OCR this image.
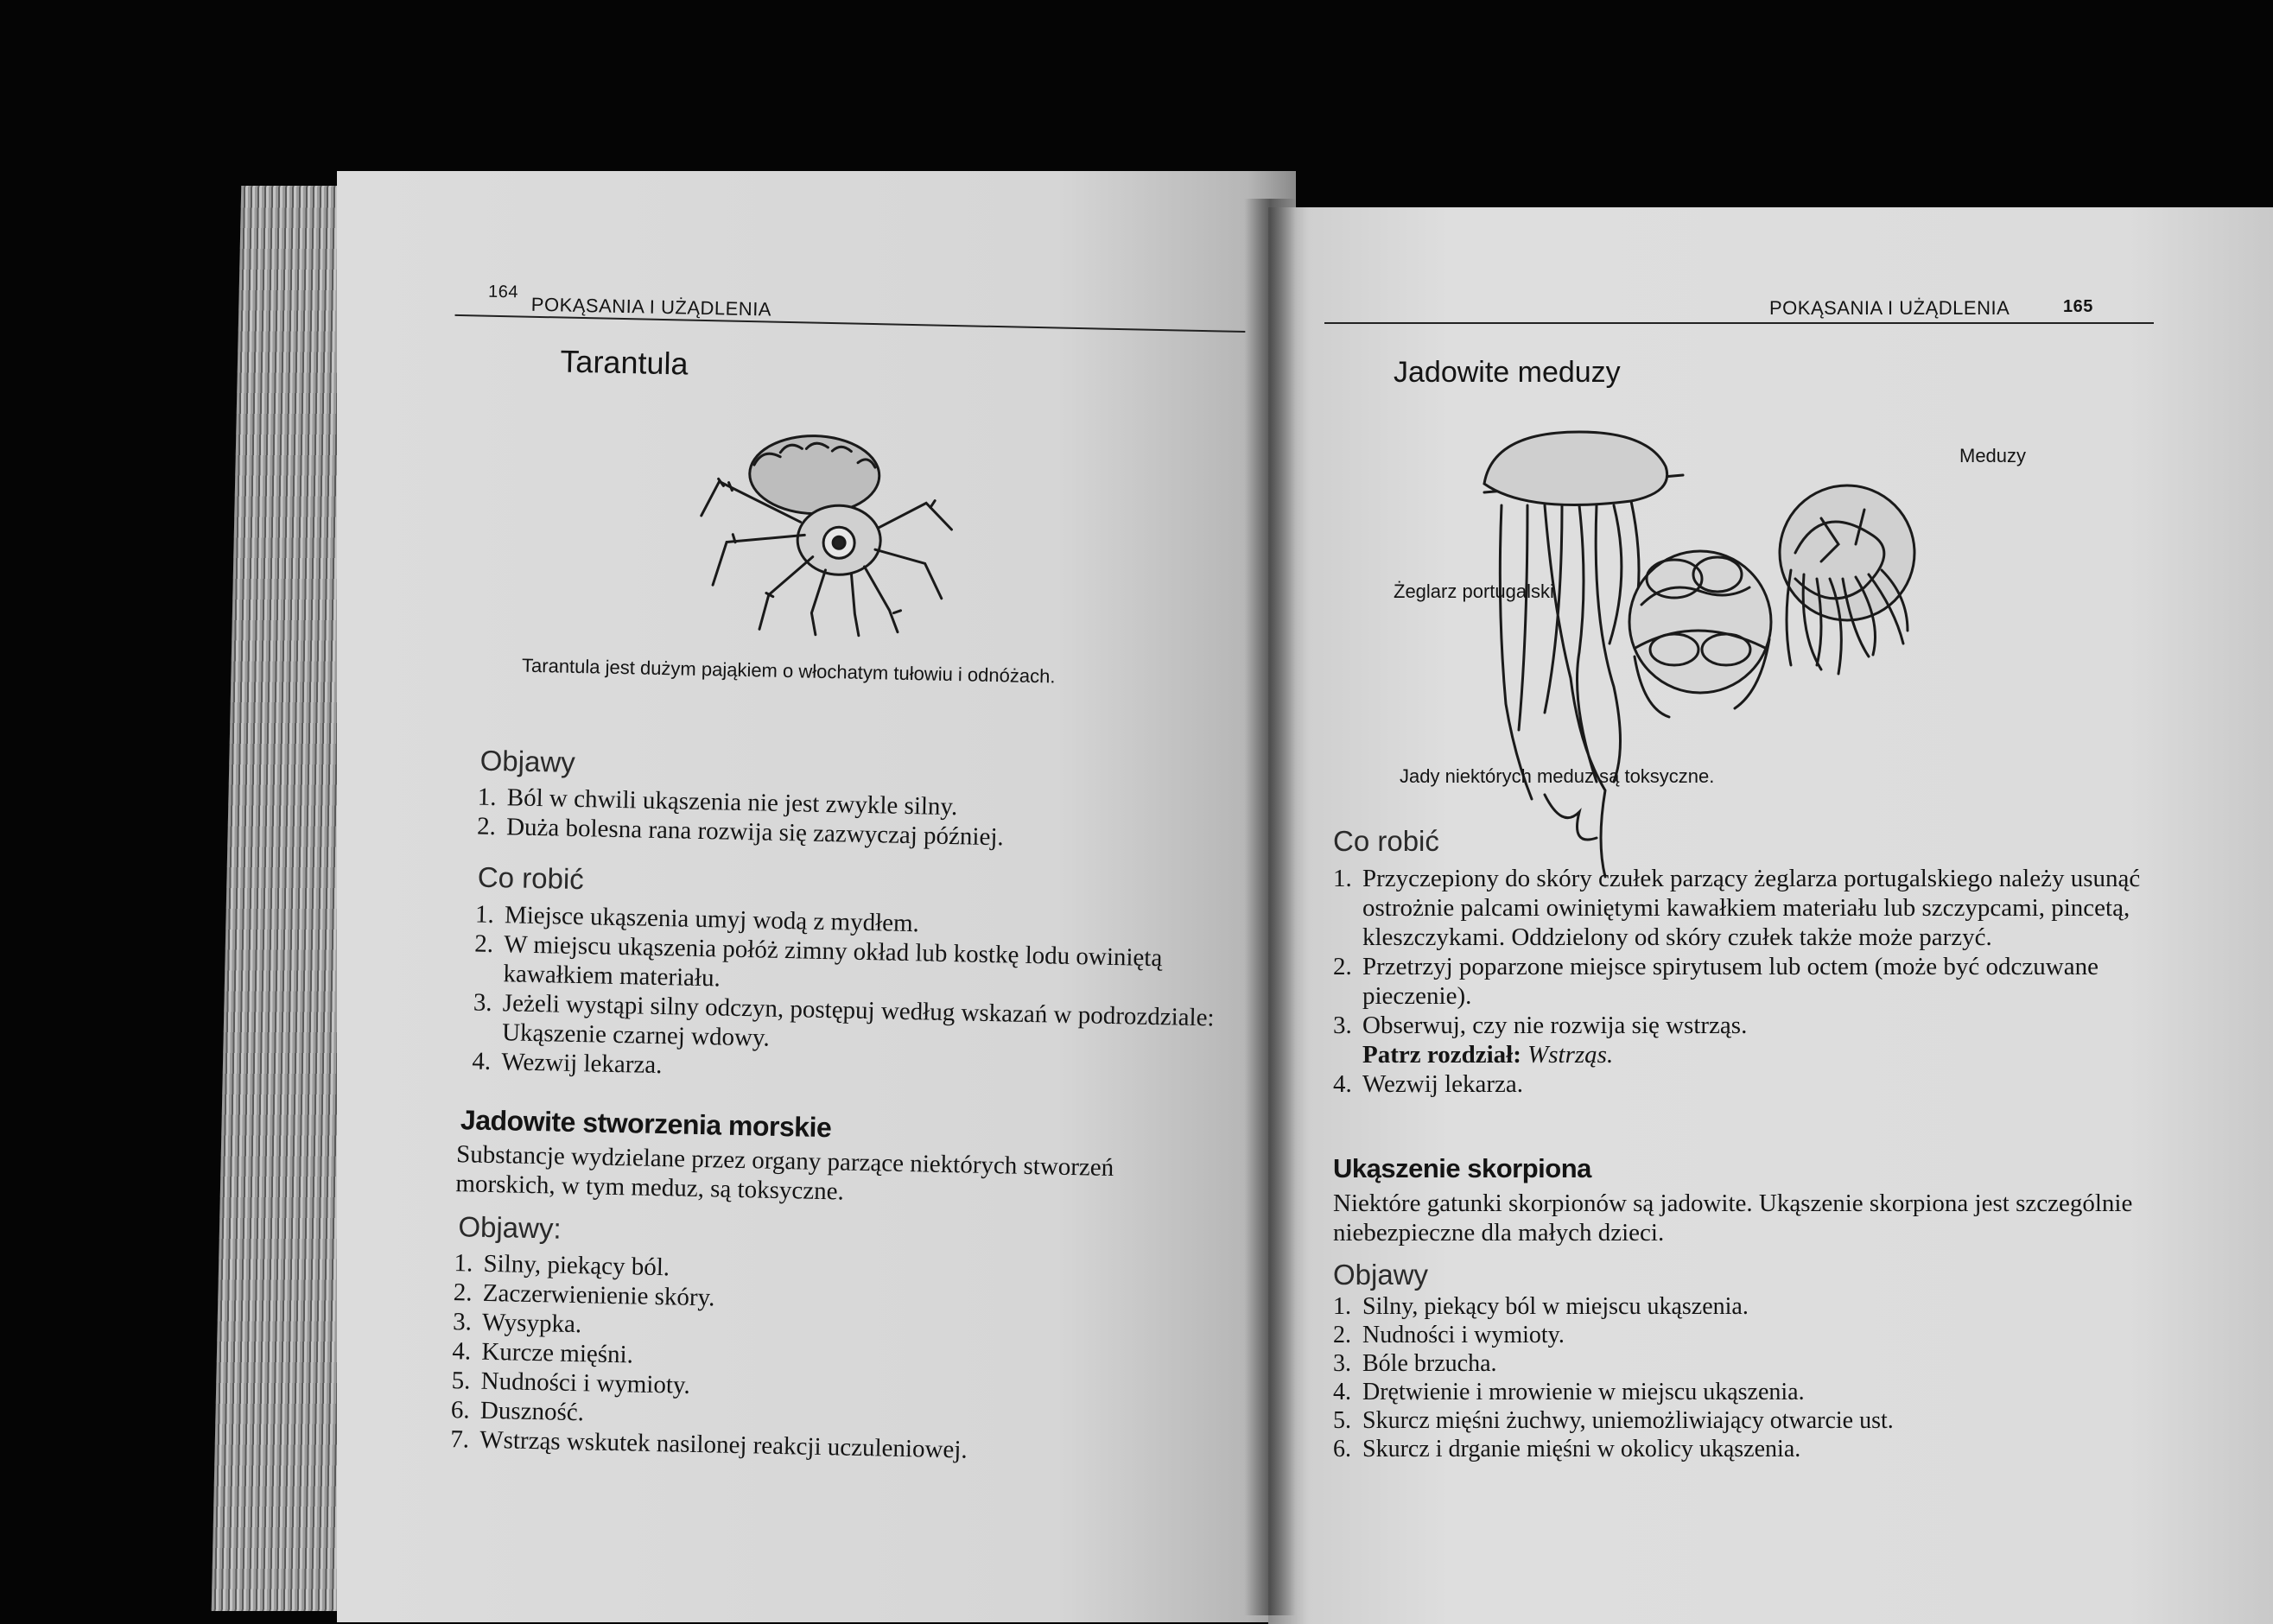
164
POKĄSANIA I UŻĄDLENIA
Tarantula
Tarantula jest dużym pająkiem o włochatym tułowiu i odnóżach.
Objawy
1. Ból w chwili ukąszenia nie jest zwykle silny.
2. Duża bolesna rana rozwija się zazwyczaj później.
Co robić
1. Miejsce ukąszenia umyj wodą z mydłem.
2. W miejscu ukąszenia połóż zimny okład lub kostkę lodu owiniętą kawałkiem materiału.
3. Jeżeli wystąpi silny odczyn, postępuj według wskazań w podrozdziale: Ukąszenie czarnej wdowy.
4. Wezwij lekarza.
Jadowite stworzenia morskie

Substancje wydzielane przez organy parzące niektórych stworzeń morskich, w tym meduz, są toksyczne.

Objawy:
1. Silny, piekący ból.
2. Zaczerwienienie skóry.
3. Wysypka.
4. Kurcze mięśni.
5. Nudności i wymioty.
6. Duszność.
7. Wstrząs wskutek nasilonej reakcji uczuleniowej.
POKĄSANIA I UŻĄDLENIA	165
Jadowite meduzy
Meduzy
Żeglarz portugalski
Jady niektórych meduz są toksyczne.
Co robić
1. Przyczepiony do skóry czułek parzący żeglarza portugalskiego należy usunąć ostrożnie palcami owiniętymi kawałkiem materiału lub szczypcami, pincetą, kleszczykami. Oddzielony od skóry czułek także może parzyć.
2. Przetrzyj poparzone miejsce spirytusem lub octem (może być odczuwane pieczenie).
3. Obserwuj, czy nie rozwija się wstrząs.
Patrz rozdział: Wstrząs.
4. Wezwij lekarza.
Ukąszenie skorpiona

Niektóre gatunki skorpionów są jadowite. Ukąszenie skorpiona jest szczególnie niebezpieczne dla małych dzieci.

Objawy
1. Silny, piekący ból w miejscu ukąszenia.
2. Nudności i wymioty.
3. Bóle brzucha.
4. Drętwienie i mrowienie w miejscu ukąszenia.
5. Skurcz mięśni żuchwy, uniemożliwiający otwarcie ust.
6. Skurcz i drganie mięśni w okolicy ukąszenia.
